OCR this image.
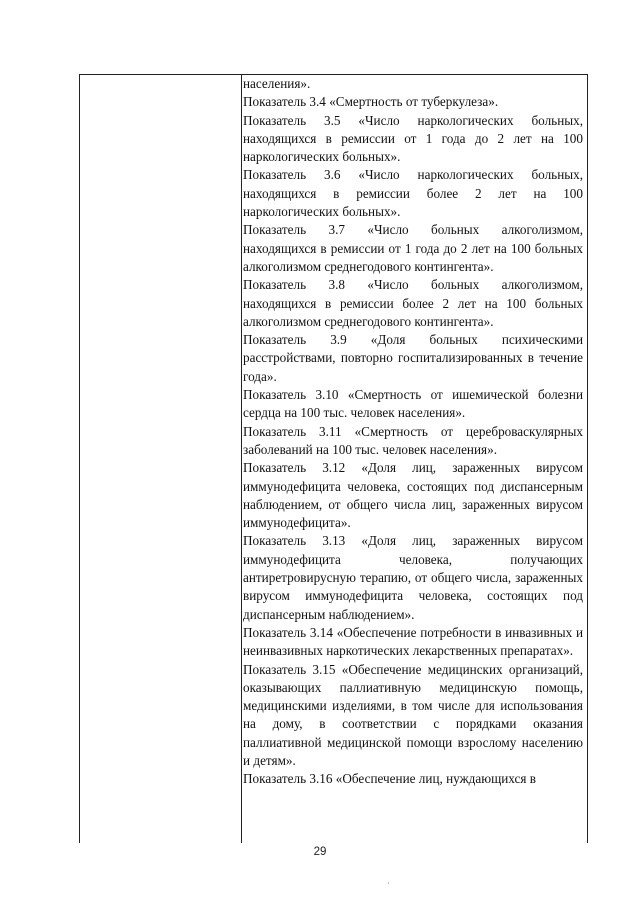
населения».
Показатель 3.4 «Смертность от туберкулеза».
Показатель 3.5 «Число наркологических больных, находящихся в ремиссии от 1 года до 2 лет на 100 наркологических больных».
Показатель 3.6 «Число наркологических больных, находящихся в ремиссии более 2 лет на 100 наркологических больных».
Показатель 3.7 «Число больных алкоголизмом, находящихся в ремиссии от 1 года до 2 лет на 100 больных алкоголизмом среднегодового контингента».
Показатель 3.8 «Число больных алкоголизмом, находящихся в ремиссии более 2 лет на 100 больных алкоголизмом среднегодового контингента».
Показатель 3.9 «Доля больных психическими расстройствами, повторно госпитализированных в течение года».
Показатель 3.10 «Смертность от ишемической болезни сердца на 100 тыс. человек населения».
Показатель 3.11 «Смертность от цереброваскулярных заболеваний на 100 тыс. человек населения».
Показатель 3.12 «Доля лиц, зараженных вирусом иммунодефицита человека, состоящих под диспансерным наблюдением, от общего числа лиц, зараженных вирусом иммунодефицита».
Показатель 3.13 «Доля лиц, зараженных вирусом иммунодефицита человека, получающих антиретровирусную терапию, от общего числа, зараженных вирусом иммунодефицита человека, состоящих под диспансерным наблюдением».
Показатель 3.14 «Обеспечение потребности в инвазивных и неинвазивных наркотических лекарственных препаратах».
Показатель 3.15 «Обеспечение медицинских организаций, оказывающих паллиативную медицинскую помощь, медицинскими изделиями, в том числе для использования на дому, в соответствии с порядками оказания паллиативной медицинской помощи взрослому населению и детям».
Показатель 3.16 «Обеспечение лиц, нуждающихся в
29
·
